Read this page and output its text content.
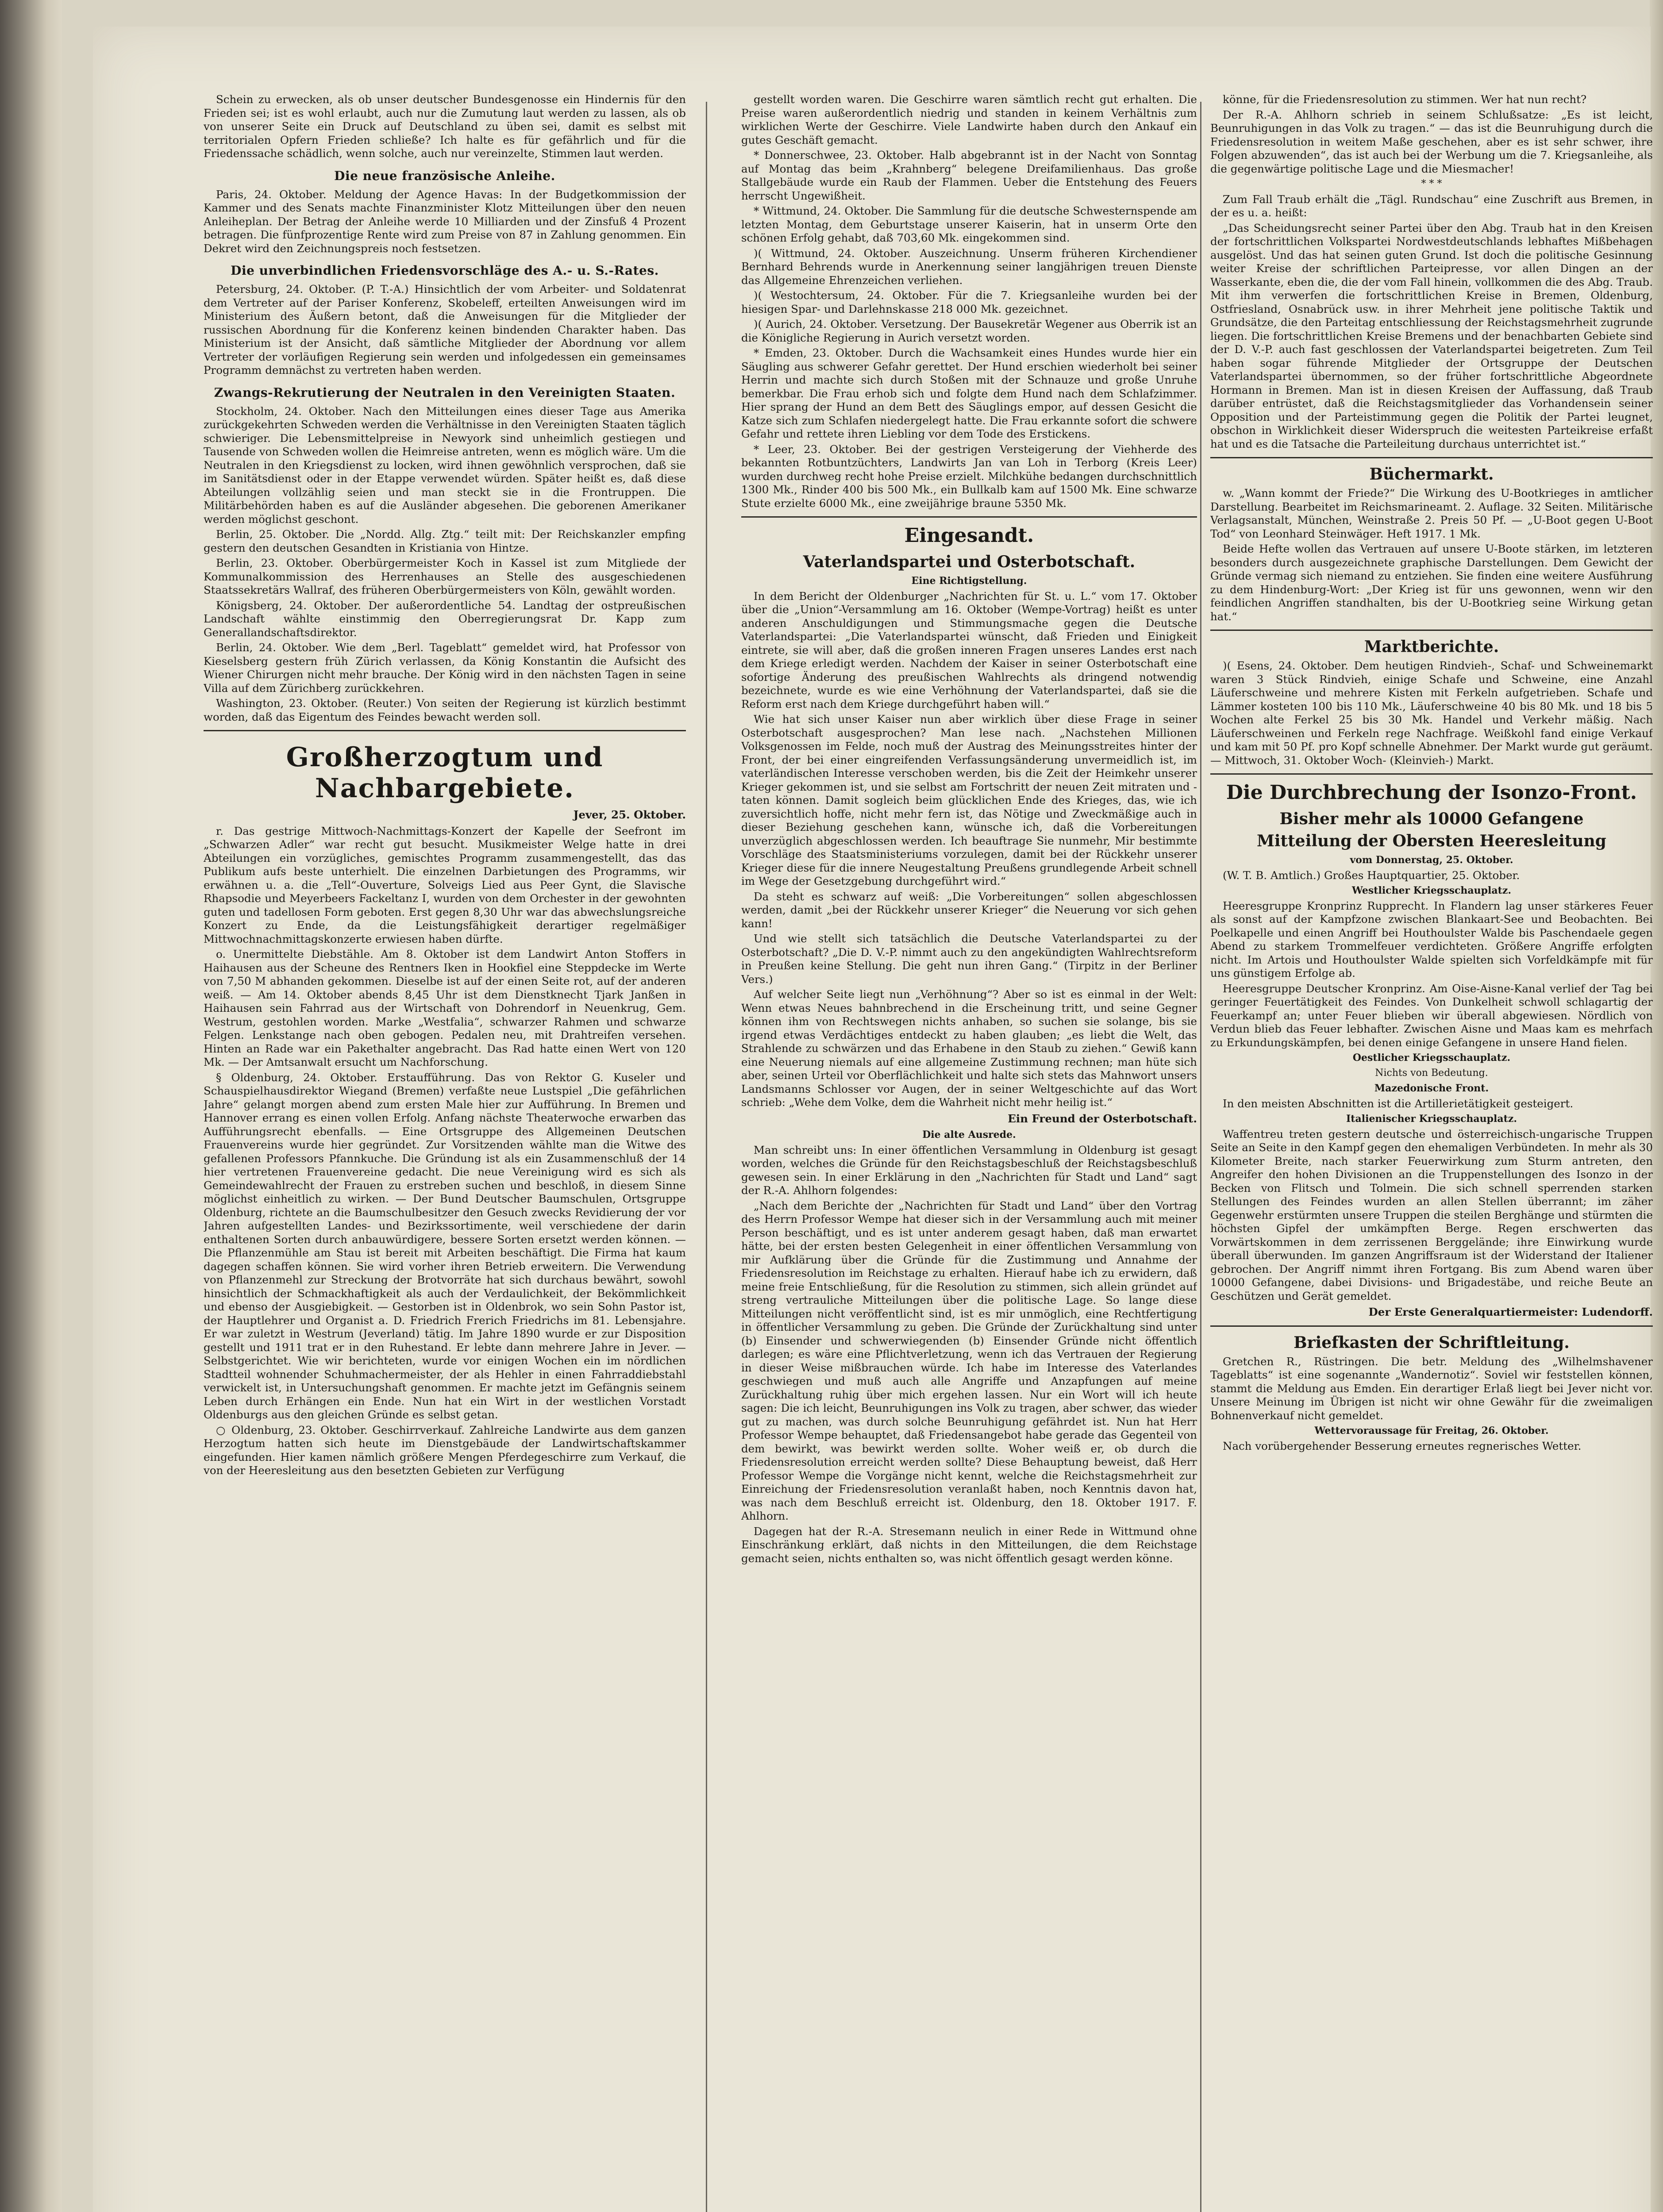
Schein zu erwecken, als ob unser deutscher Bundesgenosse ein Hindernis für den Frieden sei; ist es wohl erlaubt, auch nur die Zumutung laut werden zu lassen, als ob von unserer Seite ein Druck auf Deutschland zu üben sei, damit es selbst mit territorialen Opfern Frieden schließe? Ich halte es für gefährlich und für die Friedenssache schädlich, wenn solche, auch nur vereinzelte, Stimmen laut werden.

Die neue französische Anleihe.

Paris, 24. Oktober. Meldung der Agence Havas: In der Budgetkommission der Kammer und des Senats machte Finanzminister Klotz Mitteilungen über den neuen Anleiheplan. Der Betrag der Anleihe werde 10 Milliarden und der Zinsfuß 4 Prozent betragen. Die fünfprozentige Rente wird zum Preise von 87 in Zahlung genommen. Ein Dekret wird den Zeichnungspreis noch festsetzen.

Die unverbindlichen Friedensvorschläge des A.- u. S.-Rates.

Petersburg, 24. Oktober. (P. T.-A.) Hinsichtlich der vom Arbeiter- und Soldatenrat dem Vertreter auf der Pariser Konferenz, Skobeleff, erteilten Anweisungen wird im Ministerium des Äußern betont, daß die Anweisungen für die Mitglieder der russischen Abordnung für die Konferenz keinen bindenden Charakter haben. Das Ministerium ist der Ansicht, daß sämtliche Mitglieder der Abordnung vor allem Vertreter der vorläufigen Regierung sein werden und infolgedessen ein gemeinsames Programm demnächst zu vertreten haben werden.

Zwangs-Rekrutierung der Neutralen in den Vereinigten Staaten.

Stockholm, 24. Oktober. Nach den Mitteilungen eines dieser Tage aus Amerika zurückgekehrten Schweden werden die Verhältnisse in den Vereinigten Staaten täglich schwieriger. Die Lebensmittelpreise in Newyork sind unheimlich gestiegen und Tausende von Schweden wollen die Heimreise antreten, wenn es möglich wäre. Um die Neutralen in den Kriegsdienst zu locken, wird ihnen gewöhnlich versprochen, daß sie im Sanitätsdienst oder in der Etappe verwendet würden. Später heißt es, daß diese Abteilungen vollzählig seien und man steckt sie in die Frontruppen. Die Militärbehörden haben es auf die Ausländer abgesehen. Die geborenen Amerikaner werden möglichst geschont.

Berlin, 25. Oktober. Die „Nordd. Allg. Ztg.“ teilt mit: Der Reichskanzler empfing gestern den deutschen Gesandten in Kristiania von Hintze.

Berlin, 23. Oktober. Oberbürgermeister Koch in Kassel ist zum Mitgliede der Kommunalkommission des Herrenhauses an Stelle des ausgeschiedenen Staatssekretärs Wallraf, des früheren Oberbürgermeisters von Köln, gewählt worden.

Königsberg, 24. Oktober. Der außerordentliche 54. Landtag der ostpreußischen Landschaft wählte einstimmig den Oberregierungsrat Dr. Kapp zum Generallandschaftsdirektor.

Berlin, 24. Oktober. Wie dem „Berl. Tageblatt“ gemeldet wird, hat Professor von Kieselsberg gestern früh Zürich verlassen, da König Konstantin die Aufsicht des Wiener Chirurgen nicht mehr brauche. Der König wird in den nächsten Tagen in seine Villa auf dem Zürichberg zurückkehren.

Washington, 23. Oktober. (Reuter.) Von seiten der Regierung ist kürzlich bestimmt worden, daß das Eigentum des Feindes bewacht werden soll.

Großherzogtum und Nachbargebiete.
Jever, 25. Oktober.

r. Das gestrige Mittwoch-Nachmittags-Konzert der Kapelle der Seefront im „Schwarzen Adler“ war recht gut besucht. Musikmeister Welge hatte in drei Abteilungen ein vorzügliches, gemischtes Programm zusammengestellt, das das Publikum aufs beste unterhielt. Die einzelnen Darbietungen des Programms, wir erwähnen u. a. die „Tell“-Ouverture, Solveigs Lied aus Peer Gynt, die Slavische Rhapsodie und Meyerbeers Fackeltanz I, wurden von dem Orchester in der gewohnten guten und tadellosen Form geboten. Erst gegen 8,30 Uhr war das abwechslungsreiche Konzert zu Ende, da die Leistungsfähigkeit derartiger regelmäßiger Mittwochnachmittagskonzerte erwiesen haben dürfte.

o. Unermittelte Diebstähle. Am 8. Oktober ist dem Landwirt Anton Stoffers in Haihausen aus der Scheune des Rentners Iken in Hookfiel eine Steppdecke im Werte von 7,50 M abhanden gekommen. Dieselbe ist auf der einen Seite rot, auf der anderen weiß. — Am 14. Oktober abends 8,45 Uhr ist dem Dienstknecht Tjark Janßen in Haihausen sein Fahrrad aus der Wirtschaft von Dohrendorf in Neuenkrug, Gem. Westrum, gestohlen worden. Marke „Westfalia“, schwarzer Rahmen und schwarze Felgen. Lenkstange nach oben gebogen. Pedalen neu, mit Drahtreifen versehen. Hinten an Rade war ein Pakethalter angebracht. Das Rad hatte einen Wert von 120 Mk. — Der Amtsanwalt ersucht um Nachforschung.

§ Oldenburg, 24. Oktober. Erstaufführung. Das von Rektor G. Kuseler und Schauspielhausdirektor Wiegand (Bremen) verfaßte neue Lustspiel „Die gefährlichen Jahre“ gelangt morgen abend zum ersten Male hier zur Aufführung. In Bremen und Hannover errang es einen vollen Erfolg. Anfang nächste Theaterwoche erwarben das Aufführungsrecht ebenfalls. — Eine Ortsgruppe des Allgemeinen Deutschen Frauenvereins wurde hier gegründet. Zur Vorsitzenden wählte man die Witwe des gefallenen Professors Pfannkuche. Die Gründung ist als ein Zusammenschluß der 14 hier vertretenen Frauenvereine gedacht. Die neue Vereinigung wird es sich als Gemeindewahlrecht der Frauen zu erstreben suchen und beschloß, in diesem Sinne möglichst einheitlich zu wirken. — Der Bund Deutscher Baumschulen, Ortsgruppe Oldenburg, richtete an die Baumschulbesitzer den Gesuch zwecks Revidierung der vor Jahren aufgestellten Landes- und Bezirkssortimente, weil verschiedene der darin enthaltenen Sorten durch anbauwürdigere, bessere Sorten ersetzt werden können. — Die Pflanzenmühle am Stau ist bereit mit Arbeiten beschäftigt. Die Firma hat kaum dagegen schaffen können. Sie wird vorher ihren Betrieb erweitern. Die Verwendung von Pflanzenmehl zur Streckung der Brotvorräte hat sich durchaus bewährt, sowohl hinsichtlich der Schmackhaftigkeit als auch der Verdaulichkeit, der Bekömmlichkeit und ebenso der Ausgiebigkeit. — Gestorben ist in Oldenbrok, wo sein Sohn Pastor ist, der Hauptlehrer und Organist a. D. Friedrich Frerich Friedrichs im 81. Lebensjahre. Er war zuletzt in Westrum (Jeverland) tätig. Im Jahre 1890 wurde er zur Disposition gestellt und 1911 trat er in den Ruhestand. Er lebte dann mehrere Jahre in Jever. — Selbstgerichtet. Wie wir berichteten, wurde vor einigen Wochen ein im nördlichen Stadtteil wohnender Schuhmachermeister, der als Hehler in einen Fahrraddiebstahl verwickelt ist, in Untersuchungshaft genommen. Er machte jetzt im Gefängnis seinem Leben durch Erhängen ein Ende. Nun hat ein Wirt in der westlichen Vorstadt Oldenburgs aus den gleichen Gründe es selbst getan.

○ Oldenburg, 23. Oktober. Geschirrverkauf. Zahlreiche Landwirte aus dem ganzen Herzogtum hatten sich heute im Dienstgebäude der Landwirtschaftskammer eingefunden. Hier kamen nämlich größere Mengen Pferdegeschirre zum Verkauf, die von der Heeresleitung aus den besetzten Gebieten zur Verfügung

gestellt worden waren. Die Geschirre waren sämtlich recht gut erhalten. Die Preise waren außerordentlich niedrig und standen in keinem Verhältnis zum wirklichen Werte der Geschirre. Viele Landwirte haben durch den Ankauf ein gutes Geschäft gemacht.

* Donnerschwee, 23. Oktober. Halb abgebrannt ist in der Nacht von Sonntag auf Montag das beim „Krahnberg“ belegene Dreifamilienhaus. Das große Stallgebäude wurde ein Raub der Flammen. Ueber die Entstehung des Feuers herrscht Ungewißheit.

* Wittmund, 24. Oktober. Die Sammlung für die deutsche Schwesternspende am letzten Montag, dem Geburtstage unserer Kaiserin, hat in unserm Orte den schönen Erfolg gehabt, daß 703,60 Mk. eingekommen sind.

)( Wittmund, 24. Oktober. Auszeichnung. Unserm früheren Kirchendiener Bernhard Behrends wurde in Anerkennung seiner langjährigen treuen Dienste das Allgemeine Ehrenzeichen verliehen.

)( Westochtersum, 24. Oktober. Für die 7. Kriegsanleihe wurden bei der hiesigen Spar- und Darlehnskasse 218 000 Mk. gezeichnet.

)( Aurich, 24. Oktober. Versetzung. Der Bausekretär Wegener aus Oberrik ist an die Königliche Regierung in Aurich versetzt worden.

* Emden, 23. Oktober. Durch die Wachsamkeit eines Hundes wurde hier ein Säugling aus schwerer Gefahr gerettet. Der Hund erschien wiederholt bei seiner Herrin und machte sich durch Stoßen mit der Schnauze und große Unruhe bemerkbar. Die Frau erhob sich und folgte dem Hund nach dem Schlafzimmer. Hier sprang der Hund an dem Bett des Säuglings empor, auf dessen Gesicht die Katze sich zum Schlafen niedergelegt hatte. Die Frau erkannte sofort die schwere Gefahr und rettete ihren Liebling vor dem Tode des Erstickens.

* Leer, 23. Oktober. Bei der gestrigen Versteigerung der Viehherde des bekannten Rotbuntzüchters, Landwirts Jan van Loh in Terborg (Kreis Leer) wurden durchweg recht hohe Preise erzielt. Milchkühe bedangen durchschnittlich 1300 Mk., Rinder 400 bis 500 Mk., ein Bullkalb kam auf 1500 Mk. Eine schwarze Stute erzielte 6000 Mk., eine zweijährige braune 5350 Mk.

Eingesandt.
Vaterlandspartei und Osterbotschaft.
Eine Richtigstellung.

In dem Bericht der Oldenburger „Nachrichten für St. u. L.“ vom 17. Oktober über die „Union“-Versammlung am 16. Oktober (Wempe-Vortrag) heißt es unter anderen Anschuldigungen und Stimmungsmache gegen die Deutsche Vaterlandspartei: „Die Vaterlandspartei wünscht, daß Frieden und Einigkeit eintrete, sie will aber, daß die großen inneren Fragen unseres Landes erst nach dem Kriege erledigt werden. Nachdem der Kaiser in seiner Osterbotschaft eine sofortige Änderung des preußischen Wahlrechts als dringend notwendig bezeichnete, wurde es wie eine Verhöhnung der Vaterlandspartei, daß sie die Reform erst nach dem Kriege durchgeführt haben will.“

Wie hat sich unser Kaiser nun aber wirklich über diese Frage in seiner Osterbotschaft ausgesprochen? Man lese nach. „Nachstehen Millionen Volksgenossen im Felde, noch muß der Austrag des Meinungsstreites hinter der Front, der bei einer eingreifenden Verfassungsänderung unvermeidlich ist, im vaterländischen Interesse verschoben werden, bis die Zeit der Heimkehr unserer Krieger gekommen ist, und sie selbst am Fortschritt der neuen Zeit mitraten und -taten können. Damit sogleich beim glücklichen Ende des Krieges, das, wie ich zuversichtlich hoffe, nicht mehr fern ist, das Nötige und Zweckmäßige auch in dieser Beziehung geschehen kann, wünsche ich, daß die Vorbereitungen unverzüglich abgeschlossen werden. Ich beauftrage Sie nunmehr, Mir bestimmte Vorschläge des Staatsministeriums vorzulegen, damit bei der Rückkehr unserer Krieger diese für die innere Neugestaltung Preußens grundlegende Arbeit schnell im Wege der Gesetzgebung durchgeführt wird.“

Da steht es schwarz auf weiß: „Die Vorbereitungen“ sollen abgeschlossen werden, damit „bei der Rückkehr unserer Krieger“ die Neuerung vor sich gehen kann!

Und wie stellt sich tatsächlich die Deutsche Vaterlandspartei zu der Osterbotschaft? „Die D. V.-P. nimmt auch zu den angekündigten Wahlrechtsreform in Preußen keine Stellung. Die geht nun ihren Gang.“ (Tirpitz in der Berliner Vers.)

Auf welcher Seite liegt nun „Verhöhnung“? Aber so ist es einmal in der Welt: Wenn etwas Neues bahnbrechend in die Erscheinung tritt, und seine Gegner können ihm von Rechtswegen nichts anhaben, so suchen sie solange, bis sie irgend etwas Verdächtiges entdeckt zu haben glauben; „es liebt die Welt, das Strahlende zu schwärzen und das Erhabene in den Staub zu ziehen.“ Gewiß kann eine Neuerung niemals auf eine allgemeine Zustimmung rechnen; man hüte sich aber, seinen Urteil vor Oberflächlichkeit und halte sich stets das Mahnwort unsers Landsmanns Schlosser vor Augen, der in seiner Weltgeschichte auf das Wort schrieb: „Wehe dem Volke, dem die Wahrheit nicht mehr heilig ist.“

Ein Freund der Osterbotschaft.
Die alte Ausrede.

Man schreibt uns: In einer öffentlichen Versammlung in Oldenburg ist gesagt worden, welches die Gründe für den Reichstagsbeschluß der Reichstagsbeschluß gewesen sein. In einer Erklärung in den „Nachrichten für Stadt und Land“ sagt der R.-A. Ahlhorn folgendes:

„Nach dem Berichte der „Nachrichten für Stadt und Land“ über den Vortrag des Herrn Professor Wempe hat dieser sich in der Versammlung auch mit meiner Person beschäftigt, und es ist unter anderem gesagt haben, daß man erwartet hätte, bei der ersten besten Gelegenheit in einer öffentlichen Versammlung von mir Aufklärung über die Gründe für die Zustimmung und Annahme der Friedensresolution im Reichstage zu erhalten. Hierauf habe ich zu erwidern, daß meine freie Entschließung, für die Resolution zu stimmen, sich allein gründet auf streng vertrauliche Mitteilungen über die politische Lage. So lange diese Mitteilungen nicht veröffentlicht sind, ist es mir unmöglich, eine Rechtfertigung in öffentlicher Versammlung zu geben. Die Gründe der Zurückhaltung sind unter (b) Einsender und schwerwiegenden (b) Einsender Gründe nicht öffentlich darlegen; es wäre eine Pflichtverletzung, wenn ich das Vertrauen der Regierung in dieser Weise mißbrauchen würde. Ich habe im Interesse des Vaterlandes geschwiegen und muß auch alle Angriffe und Anzapfungen auf meine Zurückhaltung ruhig über mich ergehen lassen. Nur ein Wort will ich heute sagen: Die ich leicht, Beunruhigungen ins Volk zu tragen, aber schwer, das wieder gut zu machen, was durch solche Beunruhigung gefährdet ist. Nun hat Herr Professor Wempe behauptet, daß Friedensangebot habe gerade das Gegenteil von dem bewirkt, was bewirkt werden sollte. Woher weiß er, ob durch die Friedensresolution erreicht werden sollte? Diese Behauptung beweist, daß Herr Professor Wempe die Vorgänge nicht kennt, welche die Reichstagsmehrheit zur Einreichung der Friedensresolution veranlaßt haben, noch Kenntnis davon hat, was nach dem Beschluß erreicht ist. Oldenburg, den 18. Oktober 1917. F. Ahlhorn.

Dagegen hat der R.-A. Stresemann neulich in einer Rede in Wittmund ohne Einschränkung erklärt, daß nichts in den Mitteilungen, die dem Reichstage gemacht seien, nichts enthalten so, was nicht öffentlich gesagt werden könne.

könne, für die Friedensresolution zu stimmen. Wer hat nun recht?

Der R.-A. Ahlhorn schrieb in seinem Schlußsatze: „Es ist leicht, Beunruhigungen in das Volk zu tragen.“ — das ist die Beunruhigung durch die Friedensresolution in weitem Maße geschehen, aber es ist sehr schwer, ihre Folgen abzuwenden“, das ist auch bei der Werbung um die 7. Kriegsanleihe, als die gegenwärtige politische Lage und die Miesmacher!

* * *

Zum Fall Traub erhält die „Tägl. Rundschau“ eine Zuschrift aus Bremen, in der es u. a. heißt:

„Das Scheidungsrecht seiner Partei über den Abg. Traub hat in den Kreisen der fortschrittlichen Volkspartei Nordwestdeutschlands lebhaftes Mißbehagen ausgelöst. Und das hat seinen guten Grund. Ist doch die politische Gesinnung weiter Kreise der schriftlichen Parteipresse, vor allen Dingen an der Wasserkante, eben die, die der vom Fall hinein, vollkommen die des Abg. Traub. Mit ihm verwerfen die fortschrittlichen Kreise in Bremen, Oldenburg, Ostfriesland, Osnabrück usw. in ihrer Mehrheit jene politische Taktik und Grundsätze, die den Parteitag entschliessung der Reichstagsmehrheit zugrunde liegen. Die fortschrittlichen Kreise Bremens und der benachbarten Gebiete sind der D. V.-P. auch fast geschlossen der Vaterlandspartei beigetreten. Zum Teil haben sogar führende Mitglieder der Ortsgruppe der Deutschen Vaterlandspartei übernommen, so der früher fortschrittliche Abgeordnete Hormann in Bremen. Man ist in diesen Kreisen der Auffassung, daß Traub darüber entrüstet, daß die Reichstagsmitglieder das Vorhandensein seiner Opposition und der Parteistimmung gegen die Politik der Partei leugnet, obschon in Wirklichkeit dieser Widerspruch die weitesten Parteikreise erfaßt hat und es die Tatsache die Parteileitung durchaus unterrichtet ist.“

Büchermarkt.

w. „Wann kommt der Friede?“ Die Wirkung des U-Bootkrieges in amtlicher Darstellung. Bearbeitet im Reichsmarineamt. 2. Auflage. 32 Seiten. Militärische Verlagsanstalt, München, Weinstraße 2. Preis 50 Pf. — „U-Boot gegen U-Boot Tod“ von Leonhard Steinwäger. Heft 1917. 1 Mk.

Beide Hefte wollen das Vertrauen auf unsere U-Boote stärken, im letzteren besonders durch ausgezeichnete graphische Darstellungen. Dem Gewicht der Gründe vermag sich niemand zu entziehen. Sie finden eine weitere Ausführung zu dem Hindenburg-Wort: „Der Krieg ist für uns gewonnen, wenn wir den feindlichen Angriffen standhalten, bis der U-Bootkrieg seine Wirkung getan hat.“

Marktberichte.

)( Esens, 24. Oktober. Dem heutigen Rindvieh-, Schaf- und Schweinemarkt waren 3 Stück Rindvieh, einige Schafe und Schweine, eine Anzahl Läuferschweine und mehrere Kisten mit Ferkeln aufgetrieben. Schafe und Lämmer kosteten 100 bis 110 Mk., Läuferschweine 40 bis 80 Mk. und 18 bis 5 Wochen alte Ferkel 25 bis 30 Mk. Handel und Verkehr mäßig. Nach Läuferschweinen und Ferkeln rege Nachfrage. Weißkohl fand einige Verkauf und kam mit 50 Pf. pro Kopf schnelle Abnehmer. Der Markt wurde gut geräumt. — Mittwoch, 31. Oktober Woch- (Kleinvieh-) Markt.

Die Durchbrechung der Isonzo-Front.
Bisher mehr als 10000 Gefangene
Mitteilung der Obersten Heeresleitung
vom Donnerstag, 25. Oktober.

(W. T. B. Amtlich.) Großes Hauptquartier, 25. Oktober.

Westlicher Kriegsschauplatz.

Heeresgruppe Kronprinz Rupprecht. In Flandern lag unser stärkeres Feuer als sonst auf der Kampfzone zwischen Blankaart-See und Beobachten. Bei Poelkapelle und einen Angriff bei Houthoulster Walde bis Paschendaele gegen Abend zu starkem Trommelfeuer verdichteten. Größere Angriffe erfolgten nicht. Im Artois und Houthoulster Walde spielten sich Vorfeldkämpfe mit für uns günstigem Erfolge ab.

Heeresgruppe Deutscher Kronprinz. Am Oise-Aisne-Kanal verlief der Tag bei geringer Feuertätigkeit des Feindes. Von Dunkelheit schwoll schlagartig der Feuerkampf an; unter Feuer blieben wir überall abgewiesen. Nördlich von Verdun blieb das Feuer lebhafter. Zwischen Aisne und Maas kam es mehrfach zu Erkundungskämpfen, bei denen einige Gefangene in unsere Hand fielen.

Oestlicher Kriegsschauplatz.
Nichts von Bedeutung.
Mazedonische Front.

In den meisten Abschnitten ist die Artillerietätigkeit gesteigert.

Italienischer Kriegsschauplatz.

Waffentreu treten gestern deutsche und österreichisch-ungarische Truppen Seite an Seite in den Kampf gegen den ehemaligen Verbündeten. In mehr als 30 Kilometer Breite, nach starker Feuerwirkung zum Sturm antreten, den Angreifer den hohen Divisionen an die Truppenstellungen des Isonzo in der Becken von Flitsch und Tolmein. Die sich schnell sperrenden starken Stellungen des Feindes wurden an allen Stellen überrannt; im zäher Gegenwehr erstürmten unsere Truppen die steilen Berghänge und stürmten die höchsten Gipfel der umkämpften Berge. Regen erschwerten das Vorwärtskommen in dem zerrissenen Berggelände; ihre Einwirkung wurde überall überwunden. Im ganzen Angriffsraum ist der Widerstand der Italiener gebrochen. Der Angriff nimmt ihren Fortgang. Bis zum Abend waren über 10000 Gefangene, dabei Divisions- und Brigadestäbe, und reiche Beute an Geschützen und Gerät gemeldet.

Der Erste Generalquartiermeister: Ludendorff.
Briefkasten der Schriftleitung.

Gretchen R., Rüstringen. Die betr. Meldung des „Wilhelmshavener Tageblatts“ ist eine sogenannte „Wandernotiz“. Soviel wir feststellen können, stammt die Meldung aus Emden. Ein derartiger Erlaß liegt bei Jever nicht vor. Unsere Meinung im Übrigen ist nicht wir ohne Gewähr für die zweimaligen Bohnenverkauf nicht gemeldet.

Wettervoraussage für Freitag, 26. Oktober.

Nach vorübergehender Besserung erneutes regnerisches Wetter.
